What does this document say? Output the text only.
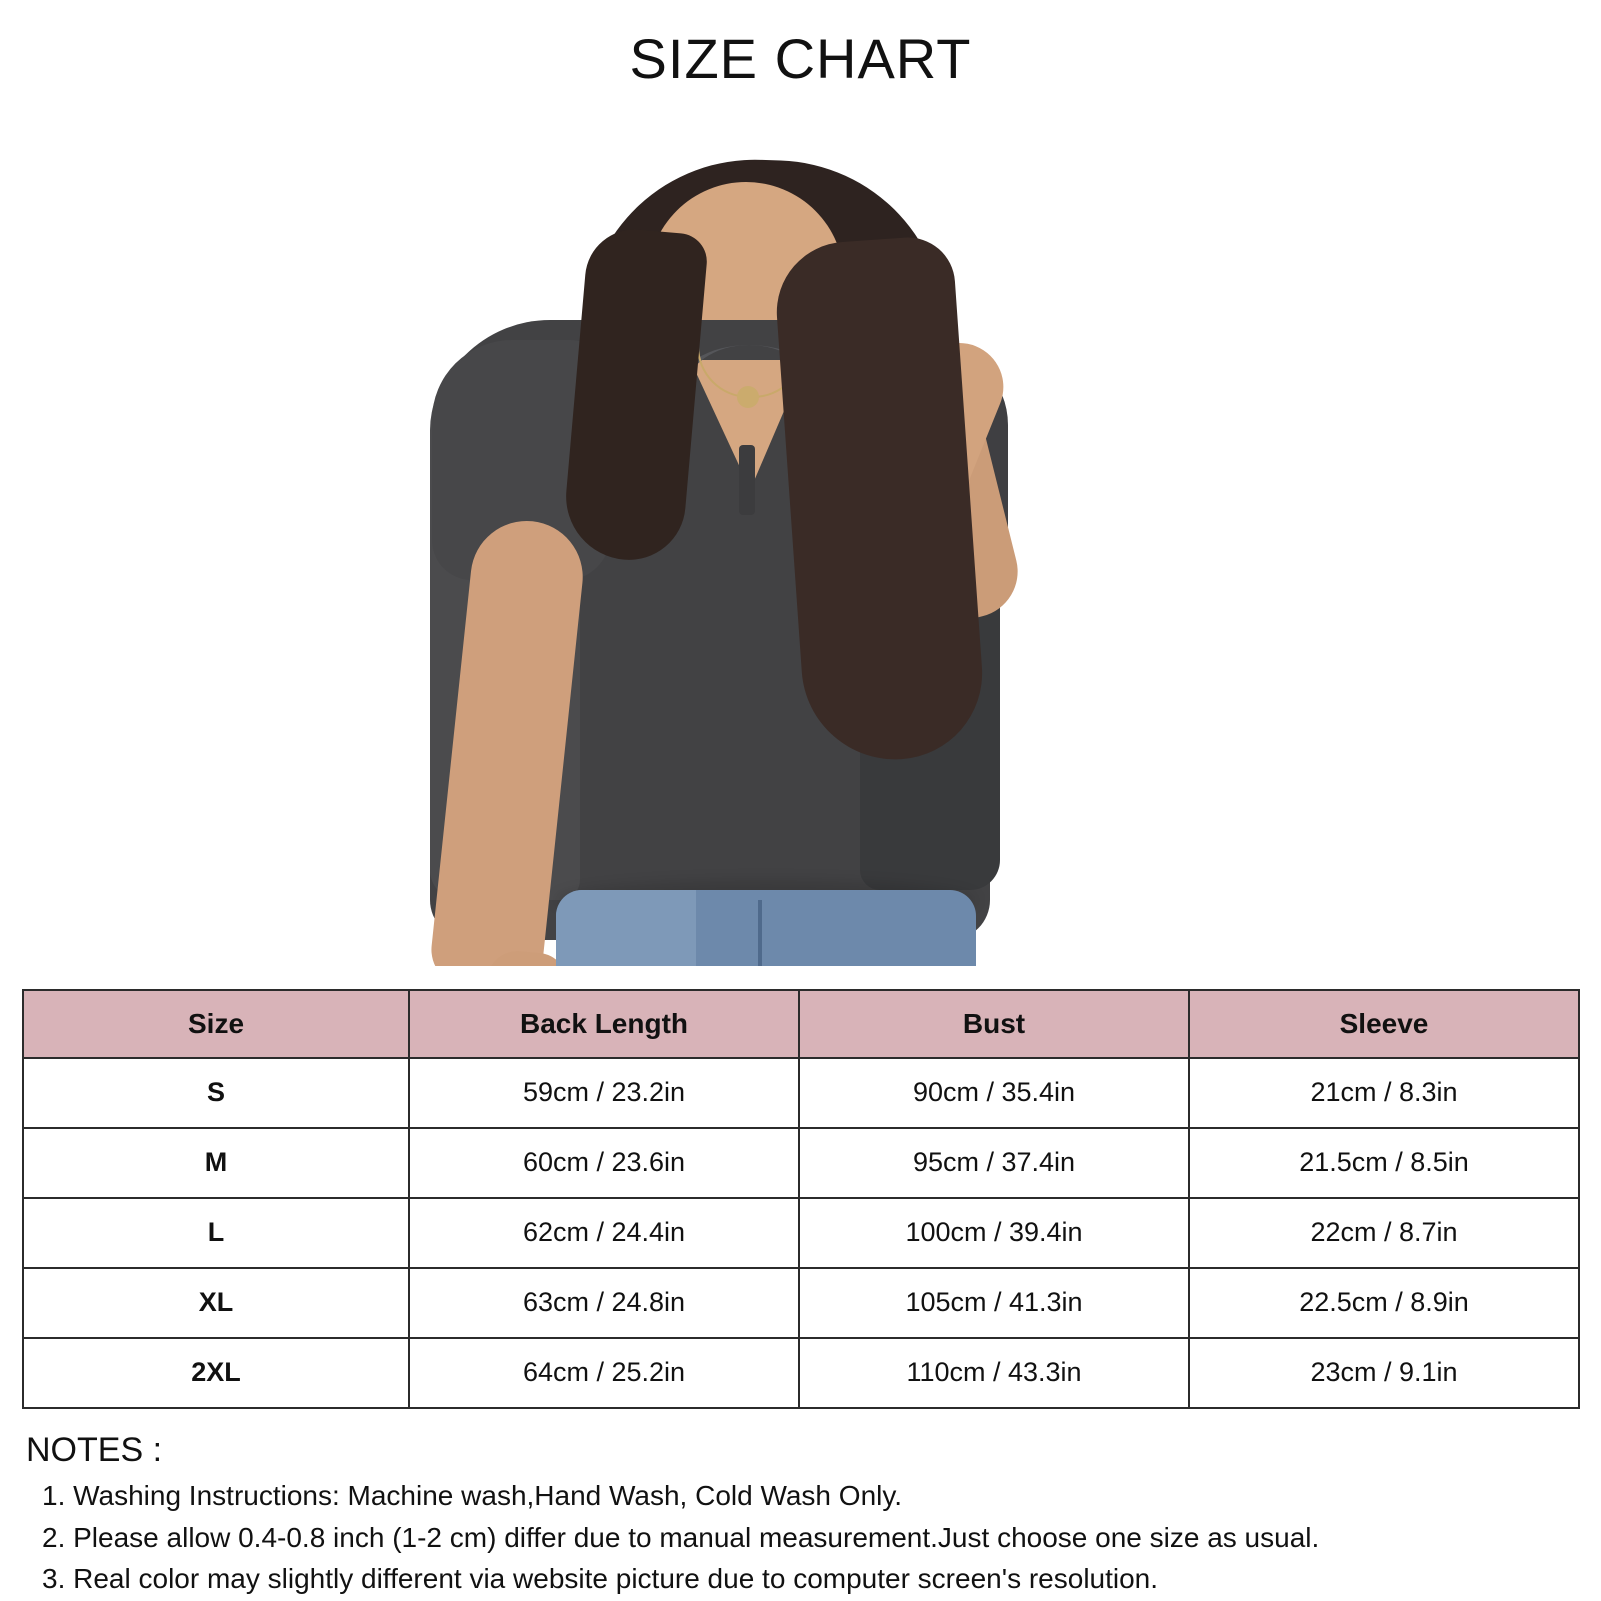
SIZE CHART
Size	Back Length	Bust	Sleeve
S	59cm / 23.2in	90cm / 35.4in	21cm / 8.3in
M	60cm / 23.6in	95cm / 37.4in	21.5cm / 8.5in
L	62cm / 24.4in	100cm / 39.4in	22cm / 8.7in
XL	63cm / 24.8in	105cm / 41.3in	22.5cm / 8.9in
2XL	64cm / 25.2in	110cm / 43.3in	23cm / 9.1in
NOTES :

1. Washing Instructions: Machine wash,Hand Wash, Cold Wash Only.

2. Please allow 0.4-0.8 inch (1-2 cm) differ due to manual measurement.Just choose one size as usual.

3. Real color may slightly different via website picture due to computer screen's resolution.
